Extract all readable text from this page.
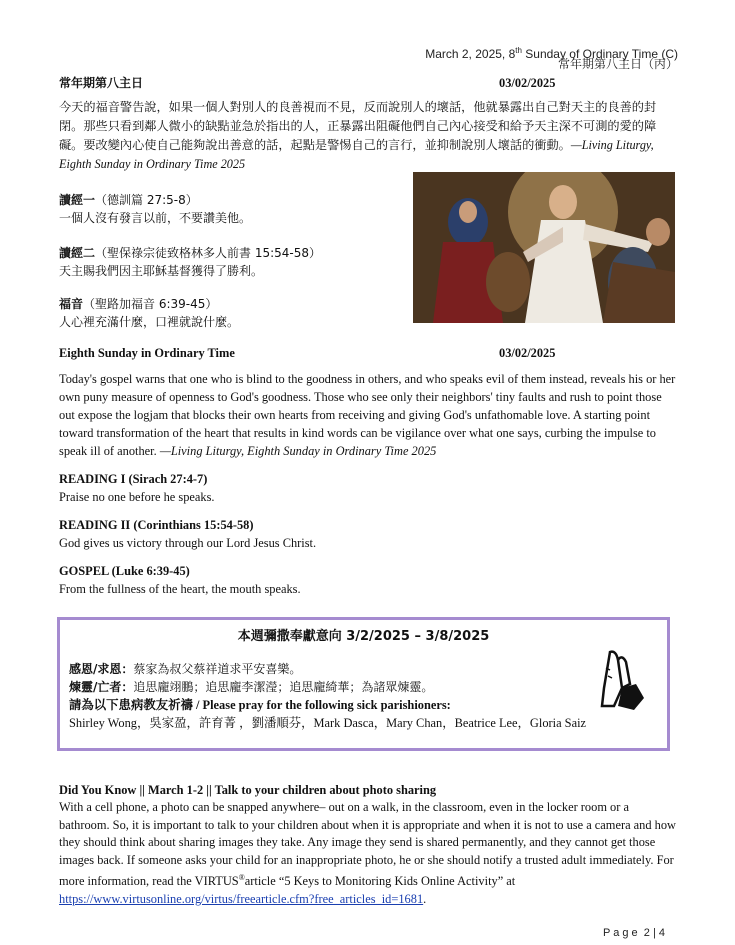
March 2, 2025, 8th Sunday of Ordinary Time (C)
常年期第八主日（丙）
常年期第八主日	03/02/2025
今天的福音警告說，如果一個人對別人的良善視而不見，反而說別人的壞話，他就暴露出自己對天主的良善的封閉。那些只看到鄰人微小的缺點並急於指出的人，正暴露出阻礙他們自己內心接受和給予天主深不可測的愛的障礙。要改變內心使自己能夠說出善意的話，起點是警惕自己的言行，並抑制說別人壞話的衝動。—Living Liturgy, Eighth Sunday in Ordinary Time 2025
讀經一（德訓篇 27:5-8）
一個人沒有發言以前，不要讚美他。
讀經二（聖保祿宗徒致格林多人前書 15:54-58）
天主賜我們因主耶穌基督獲得了勝利。
福音（聖路加福音 6:39-45）
人心裡充滿什麼，口裡就說什麼。
Eighth Sunday in Ordinary Time	03/02/2025
Today's gospel warns that one who is blind to the goodness in others, and who speaks evil of them instead, reveals his or her own puny measure of openness to God's goodness. Those who see only their neighbors' tiny faults and rush to point those out expose the logjam that blocks their own hearts from receiving and giving God's unfathomable love. A starting point toward transformation of the heart that results in kind words can be vigilance over what one says, curbing the impulse to speak ill of another. —Living Liturgy, Eighth Sunday in Ordinary Time 2025
READING I (Sirach 27:4-7)
Praise no one before he speaks.
READING II (Corinthians 15:54-58)
God gives us victory through our Lord Jesus Christ.
GOSPEL (Luke 6:39-45)
From the fullness of the heart, the mouth speaks.
本週彌撒奉獻意向 3/2/2025 – 3/8/2025
感恩/求恩：蔡家為叔父蔡祥道求平安喜樂。
煉靈/亡者：追思龐翊鵬；追思龐李潔瀅；追思龐綺華；為諸眾煉靈。
請為以下患病教友祈禱 / Please pray for the following sick parishioners:
Shirley Wong，吳家盈，許育菁 ，劉潘順芬，Mark Dasca，Mary Chan，Beatrice Lee，Gloria Saiz
Did You Know || March 1-2 || Talk to your children about photo sharing
With a cell phone, a photo can be snapped anywhere– out on a walk, in the classroom, even in the locker room or a bathroom. So, it is important to talk to your children about when it is appropriate and when it is not to use a camera and how they should think about sharing images they take. Any image they send is shared permanently, and they cannot get those images back. If someone asks your child for an inappropriate photo, he or she should notify a trusted adult immediately. For more information, read the VIRTUS®article “5 Keys to Monitoring Kids Online Activity” at https://www.virtusonline.org/virtus/freearticle.cfm?free_articles_id=1681.
P a g e  2 | 4
